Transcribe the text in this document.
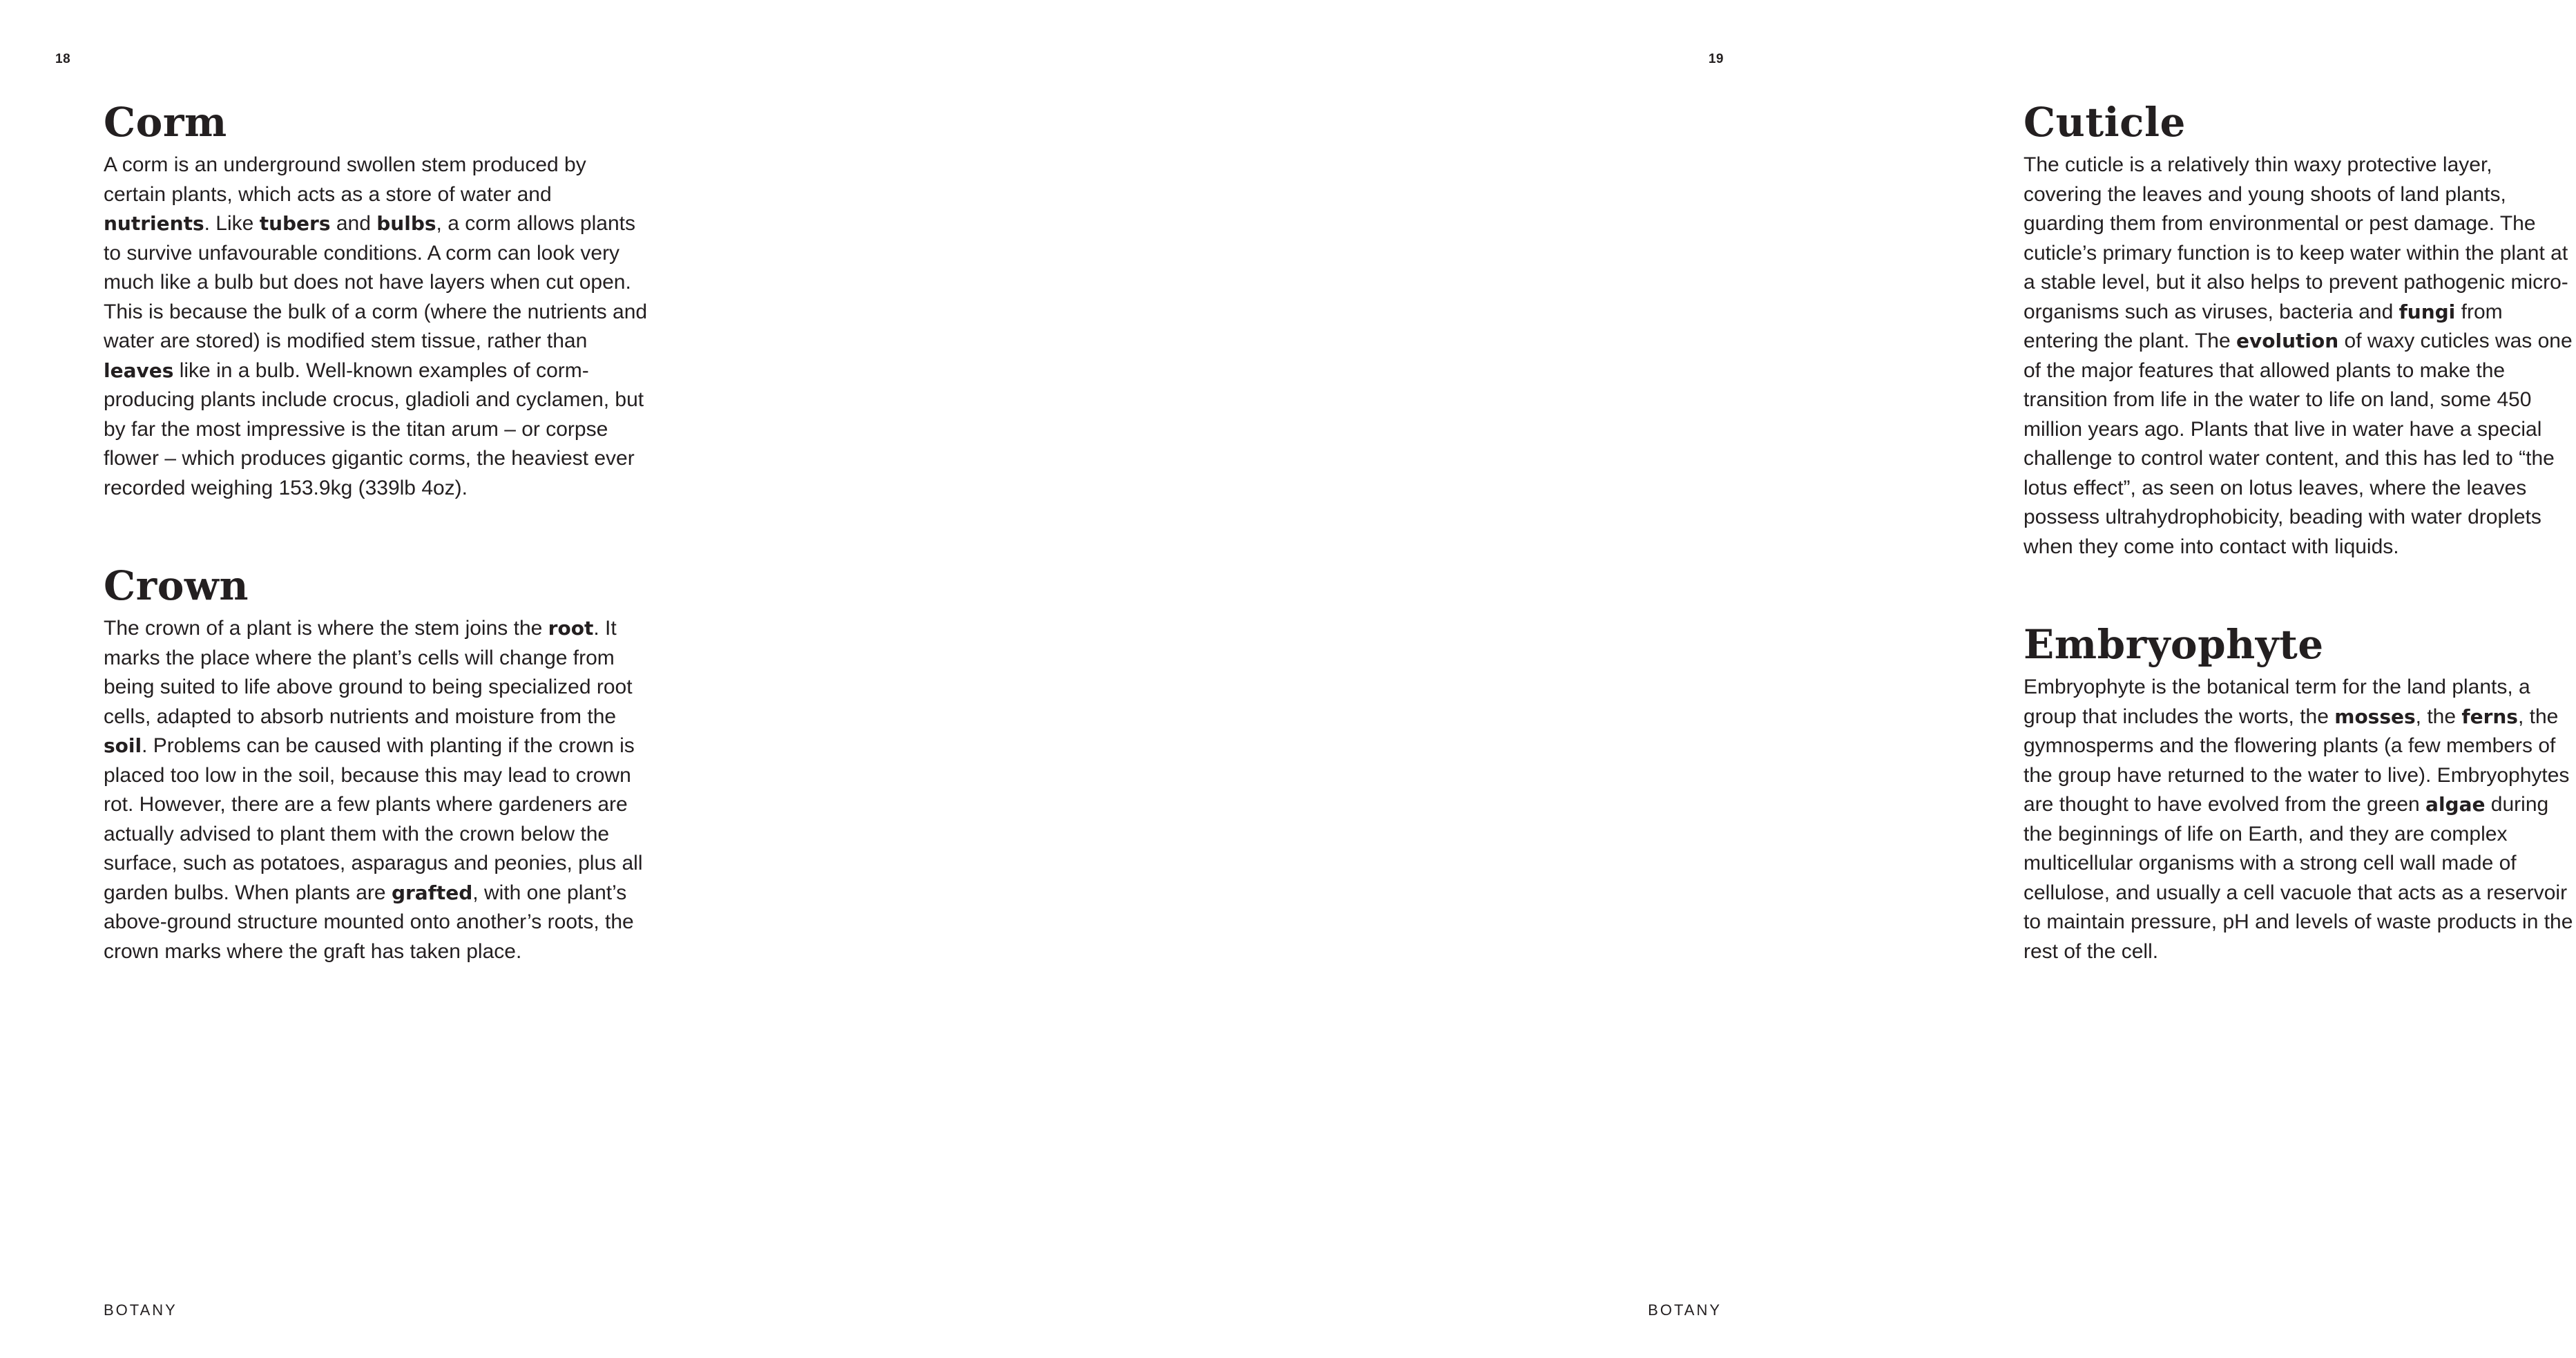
18
Corm

A corm is an underground swollen stem produced by certain plants, which acts as a store of water and nutrients. Like tubers and bulbs, a corm allows plants to survive unfavourable conditions. A corm can look very much like a bulb but does not have layers when cut open. This is because the bulk of a corm (where the nutrients and water are stored) is modified stem tissue, rather than leaves like in a bulb. Well-known examples of corm-producing plants include crocus, gladioli and cyclamen, but by far the most impressive is the titan arum – or corpse flower – which produces gigantic corms, the heaviest ever recorded weighing 153.9kg (339lb 4oz).

Crown

The crown of a plant is where the stem joins the root. It marks the place where the plant’s cells will change from being suited to life above ground to being specialized root cells, adapted to absorb nutrients and moisture from the soil. Problems can be caused with planting if the crown is placed too low in the soil, because this may lead to crown rot. However, there are a few plants where gardeners are actually advised to plant them with the crown below the surface, such as potatoes, asparagus and peonies, plus all garden bulbs. When plants are grafted, with one plant’s above-ground structure mounted onto another’s roots, the crown marks where the graft has taken place.

BOTANY
19
Cuticle

The cuticle is a relatively thin waxy protective layer, covering the leaves and young shoots of land plants, guarding them from environmental or pest damage. The cuticle’s primary function is to keep water within the plant at a stable level, but it also helps to prevent pathogenic micro-organisms such as viruses, bacteria and fungi from entering the plant. The evolution of waxy cuticles was one of the major features that allowed plants to make the transition from life in the water to life on land, some 450 million years ago. Plants that live in water have a special challenge to control water content, and this has led to “the lotus effect”, as seen on lotus leaves, where the leaves possess ultrahydrophobicity, beading with water droplets when they come into contact with liquids.

Embryophyte

Embryophyte is the botanical term for the land plants, a group that includes the worts, the mosses, the ferns, the gymnosperms and the flowering plants (a few members of the group have returned to the water to live). Embryophytes are thought to have evolved from the green algae during the beginnings of life on Earth, and they are complex multicellular organisms with a strong cell wall made of cellulose, and usually a cell vacuole that acts as a reservoir to maintain pressure, pH and levels of waste products in the rest of the cell.

BOTANY
